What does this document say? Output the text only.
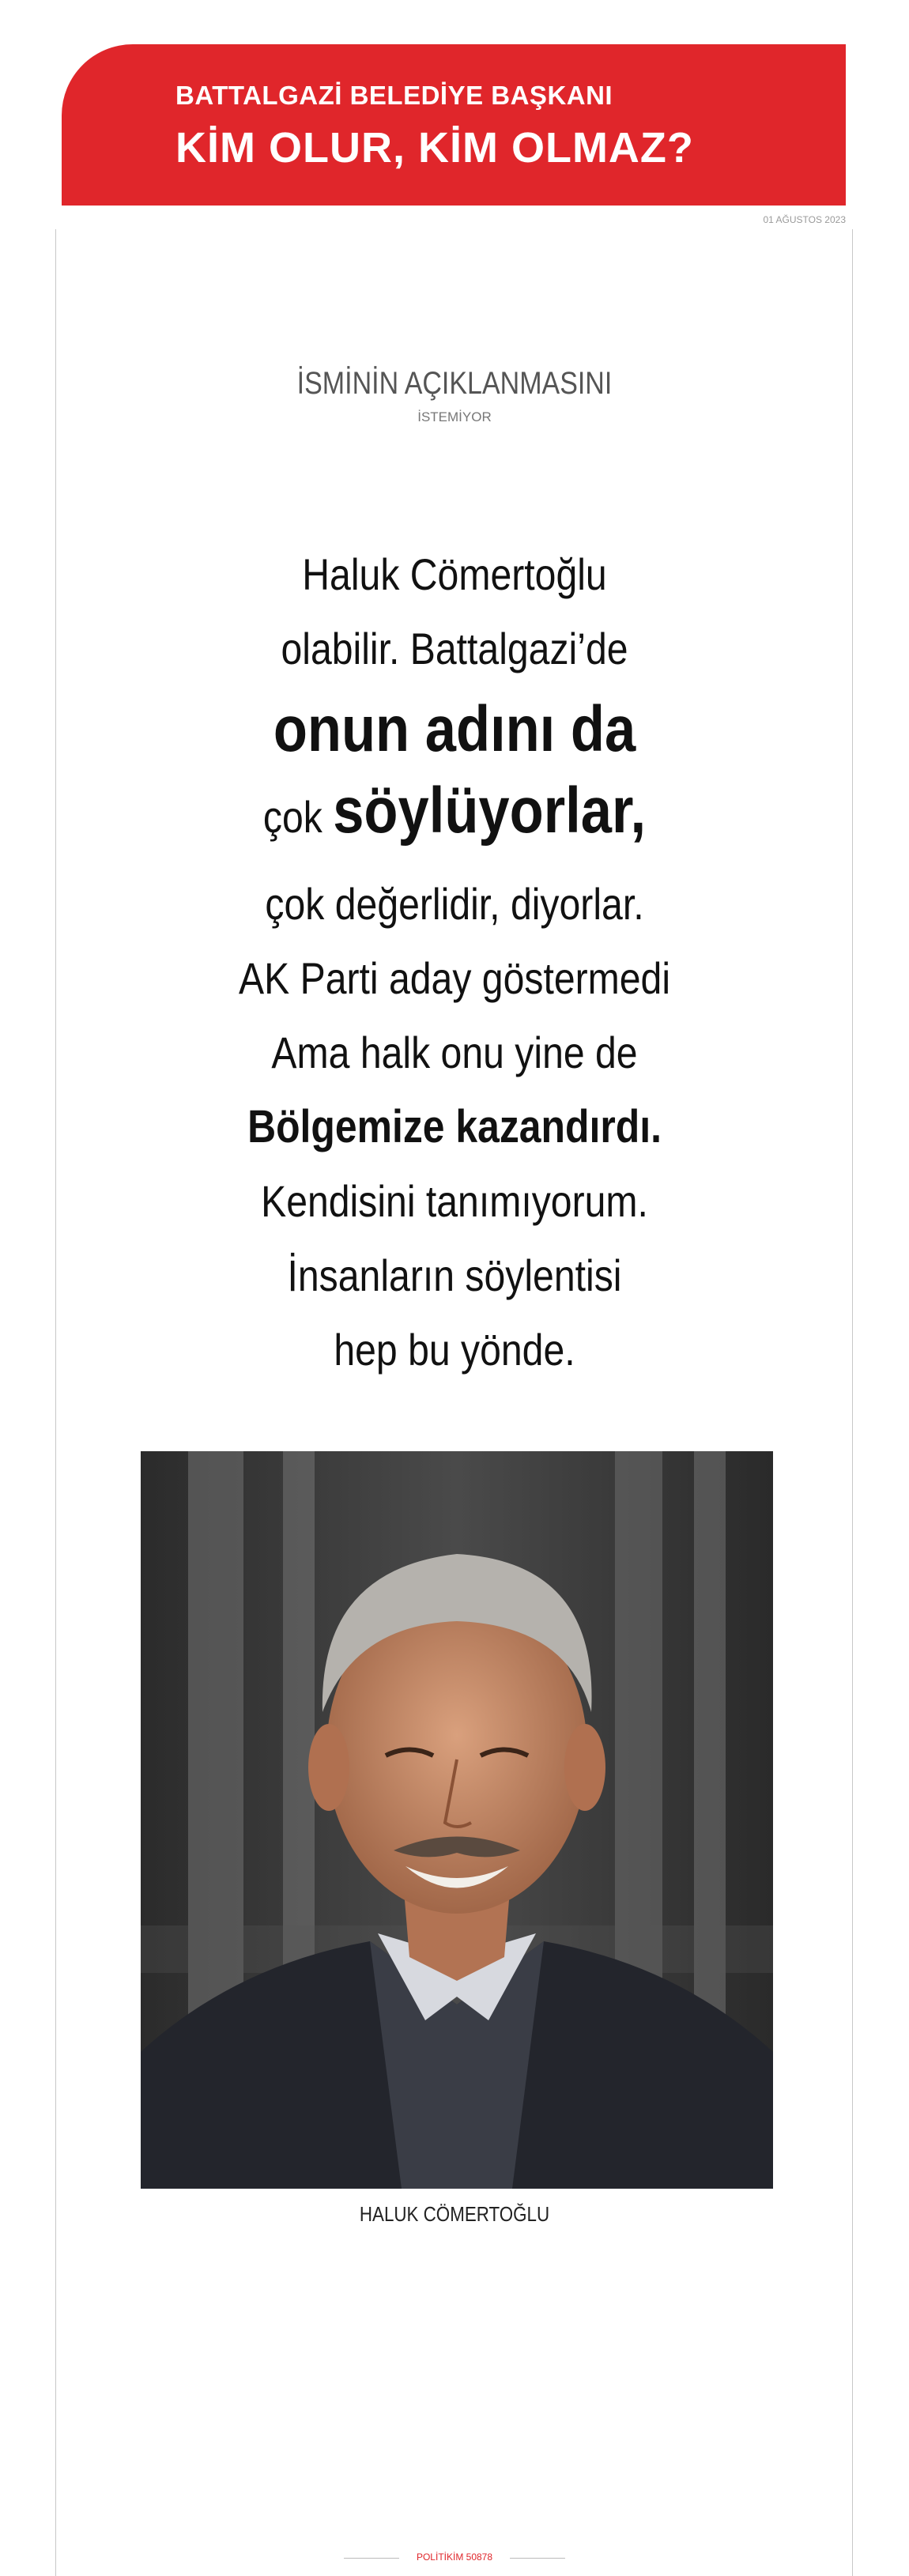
BATTALGAZİ BELEDİYE BAŞKANI
KİM OLUR, KİM OLMAZ?
01 AĞUSTOS 2023
İSMİNİN AÇIKLANMASINI
İSTEMİYOR
Haluk Cömertoğlu
olabilir. Battalgazi’de
onun adını da
çok söylüyorlar,
çok değerlidir, diyorlar.
AK Parti aday göstermedi
Ama halk onu yine de
Bölgemize kazandırdı.
Kendisini tanımıyorum.
İnsanların söylentisi
hep bu yönde.
HALUK CÖMERTOĞLU
POLİTİKİM 50878
